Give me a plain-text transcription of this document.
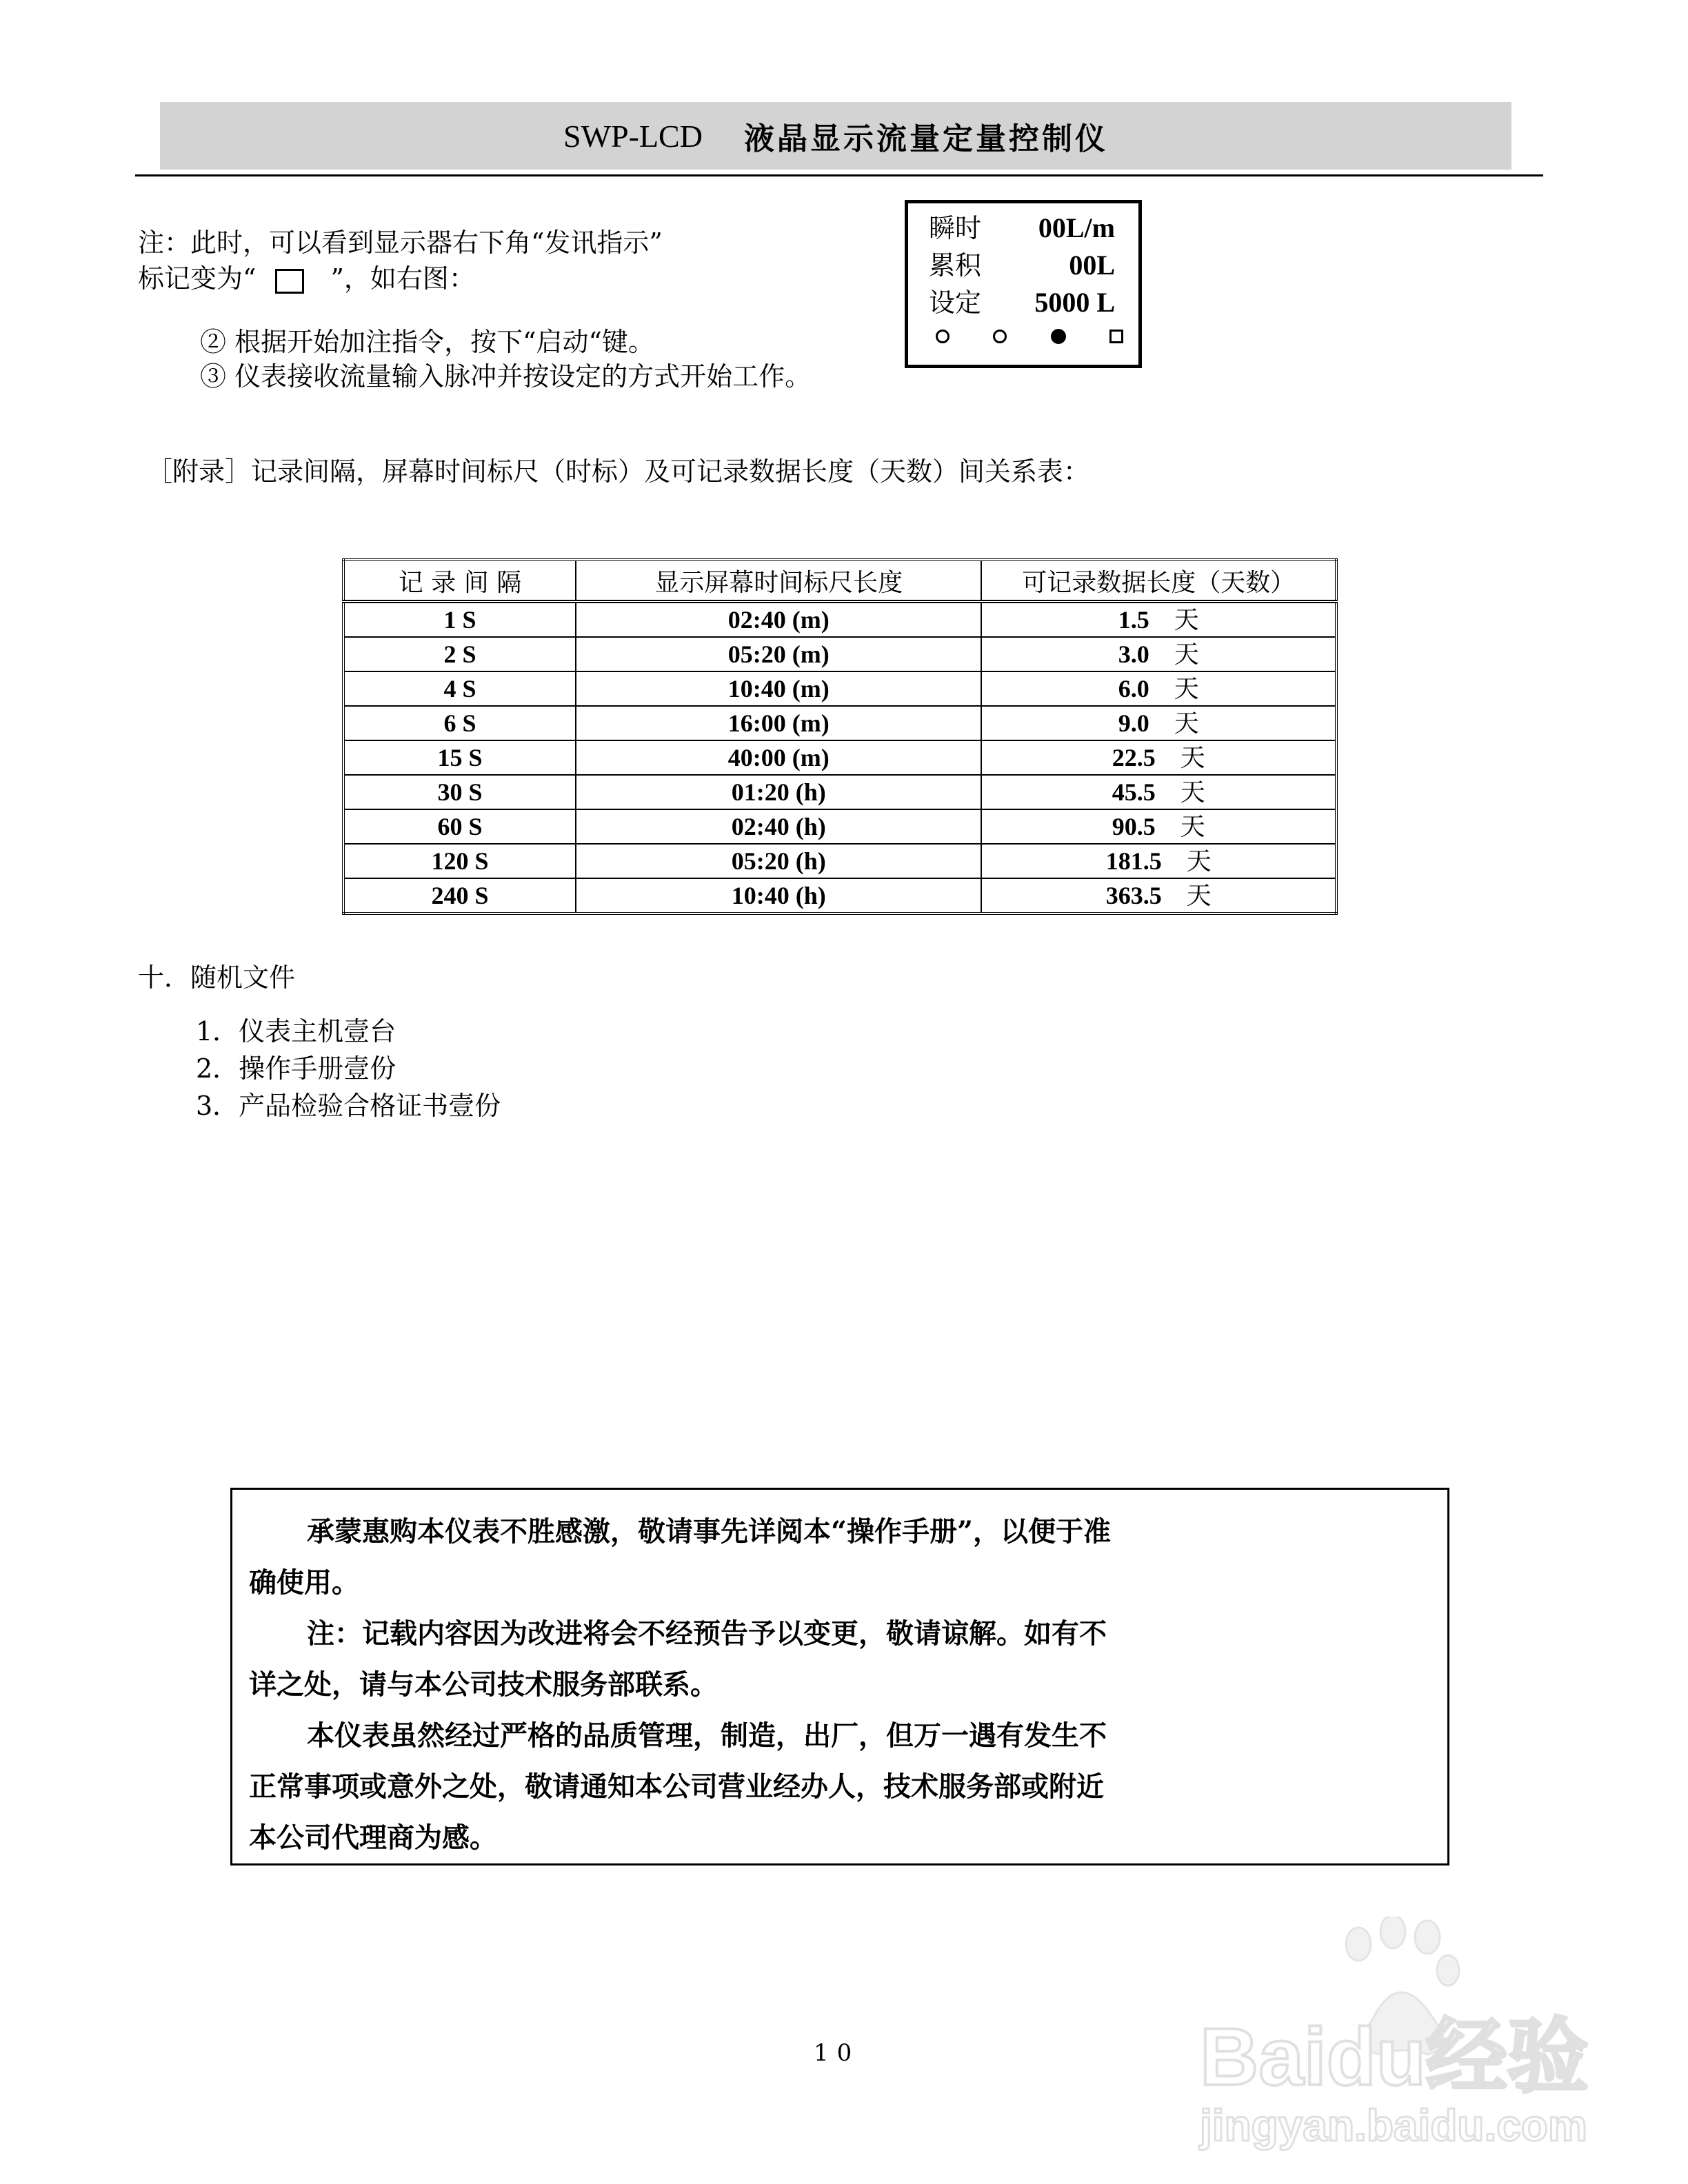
SWP-LCD 液晶显示流量定量控制仪
注：此时，可以看到显示器右下角“发讯指示”
标记变为“	”，如右图：
② 根据开始加注指令，按下“启动“键。
③ 仪表接收流量输入脉冲并按设定的方式开始工作。
瞬时 00L/m
累积	00L
设定 5000 L
［附录］记录间隔，屏幕时间标尺（时标）及可记录数据长度（天数）间关系表：
记 录 间 隔	显示屏幕时间标尺长度	可记录数据长度（天数）
1 S	02:40 (m)	1.5 天
2 S	05:20 (m)	3.0 天
4 S	10:40 (m)	6.0 天
6 S	16:00 (m)	9.0 天
15 S	40:00 (m)	22.5 天
30 S	01:20 (h)	45.5 天
60 S	02:40 (h)	90.5 天
120 S	05:20 (h)	181.5 天
240 S	10:40 (h)	363.5 天
十．随机文件
1．仪表主机壹台
2．操作手册壹份
3．产品检验合格证书壹份

承蒙惠购本仪表不胜感激，敬请事先详阅本“操作手册”，以便于准

确使用。

注：记载内容因为改进将会不经预告予以变更，敬请谅解。如有不

详之处，请与本公司技术服务部联系。

本仪表虽然经过严格的品质管理，制造，出厂，但万一遇有发生不

正常事项或意外之处，敬请通知本公司营业经办人，技术服务部或附近

本公司代理商为感。

10	Baidu经验
jingyan.baidu.com
